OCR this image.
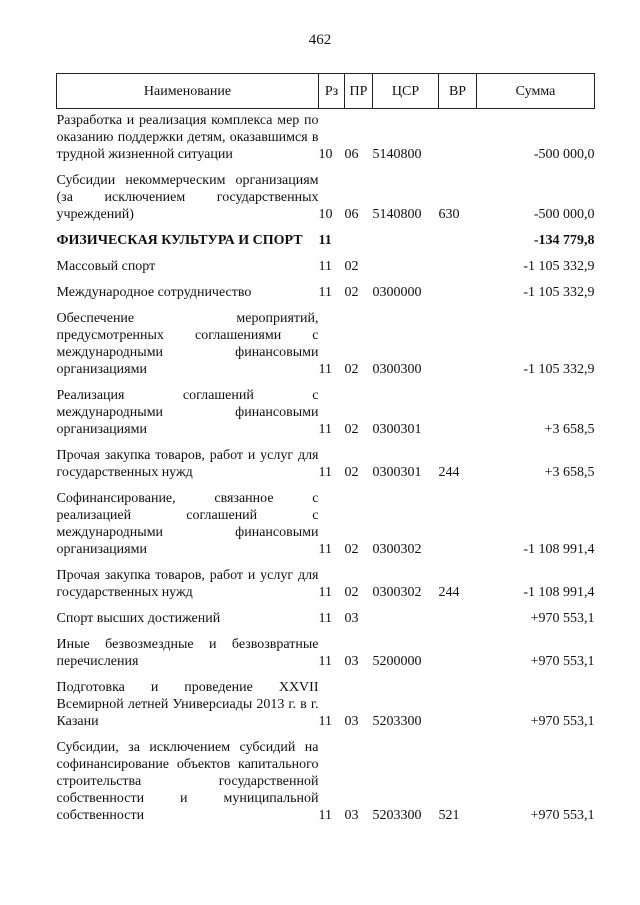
462
Наименование	Рз	ПР	ЦСР	ВР	Сумма
Разработка и реализация комплекса мер по оказанию поддержки детям, оказавшимся в трудной жизненной ситуации	10	06	5140800		-500 000,0
Субсидии некоммерческим организациям (за исключением государственных учреждений)	10	06	5140800	630	-500 000,0
ФИЗИЧЕСКАЯ КУЛЬТУРА И СПОРТ	11				-134 779,8
Массовый спорт	11	02			-1 105 332,9
Международное сотрудничество	11	02	0300000		-1 105 332,9
Обеспечение мероприятий, предусмотренных соглашениями с международными финансовыми организациями	11	02	0300300		-1 105 332,9
Реализация соглашений с международными финансовыми организациями	11	02	0300301		+3 658,5
Прочая закупка товаров, работ и услуг для государственных нужд	11	02	0300301	244	+3 658,5
Софинансирование, связанное с реализацией соглашений с международными финансовыми организациями	11	02	0300302		-1 108 991,4
Прочая закупка товаров, работ и услуг для государственных нужд	11	02	0300302	244	-1 108 991,4
Спорт высших достижений	11	03			+970 553,1
Иные безвозмездные и безвозвратные перечисления	11	03	5200000		+970 553,1
Подготовка и проведение XXVII Всемирной летней Универсиады 2013 г. в г. Казани	11	03	5203300		+970 553,1
Субсидии, за исключением субсидий на софинансирование объектов капитального строительства государственной собственности и муниципальной собственности	11	03	5203300	521	+970 553,1
